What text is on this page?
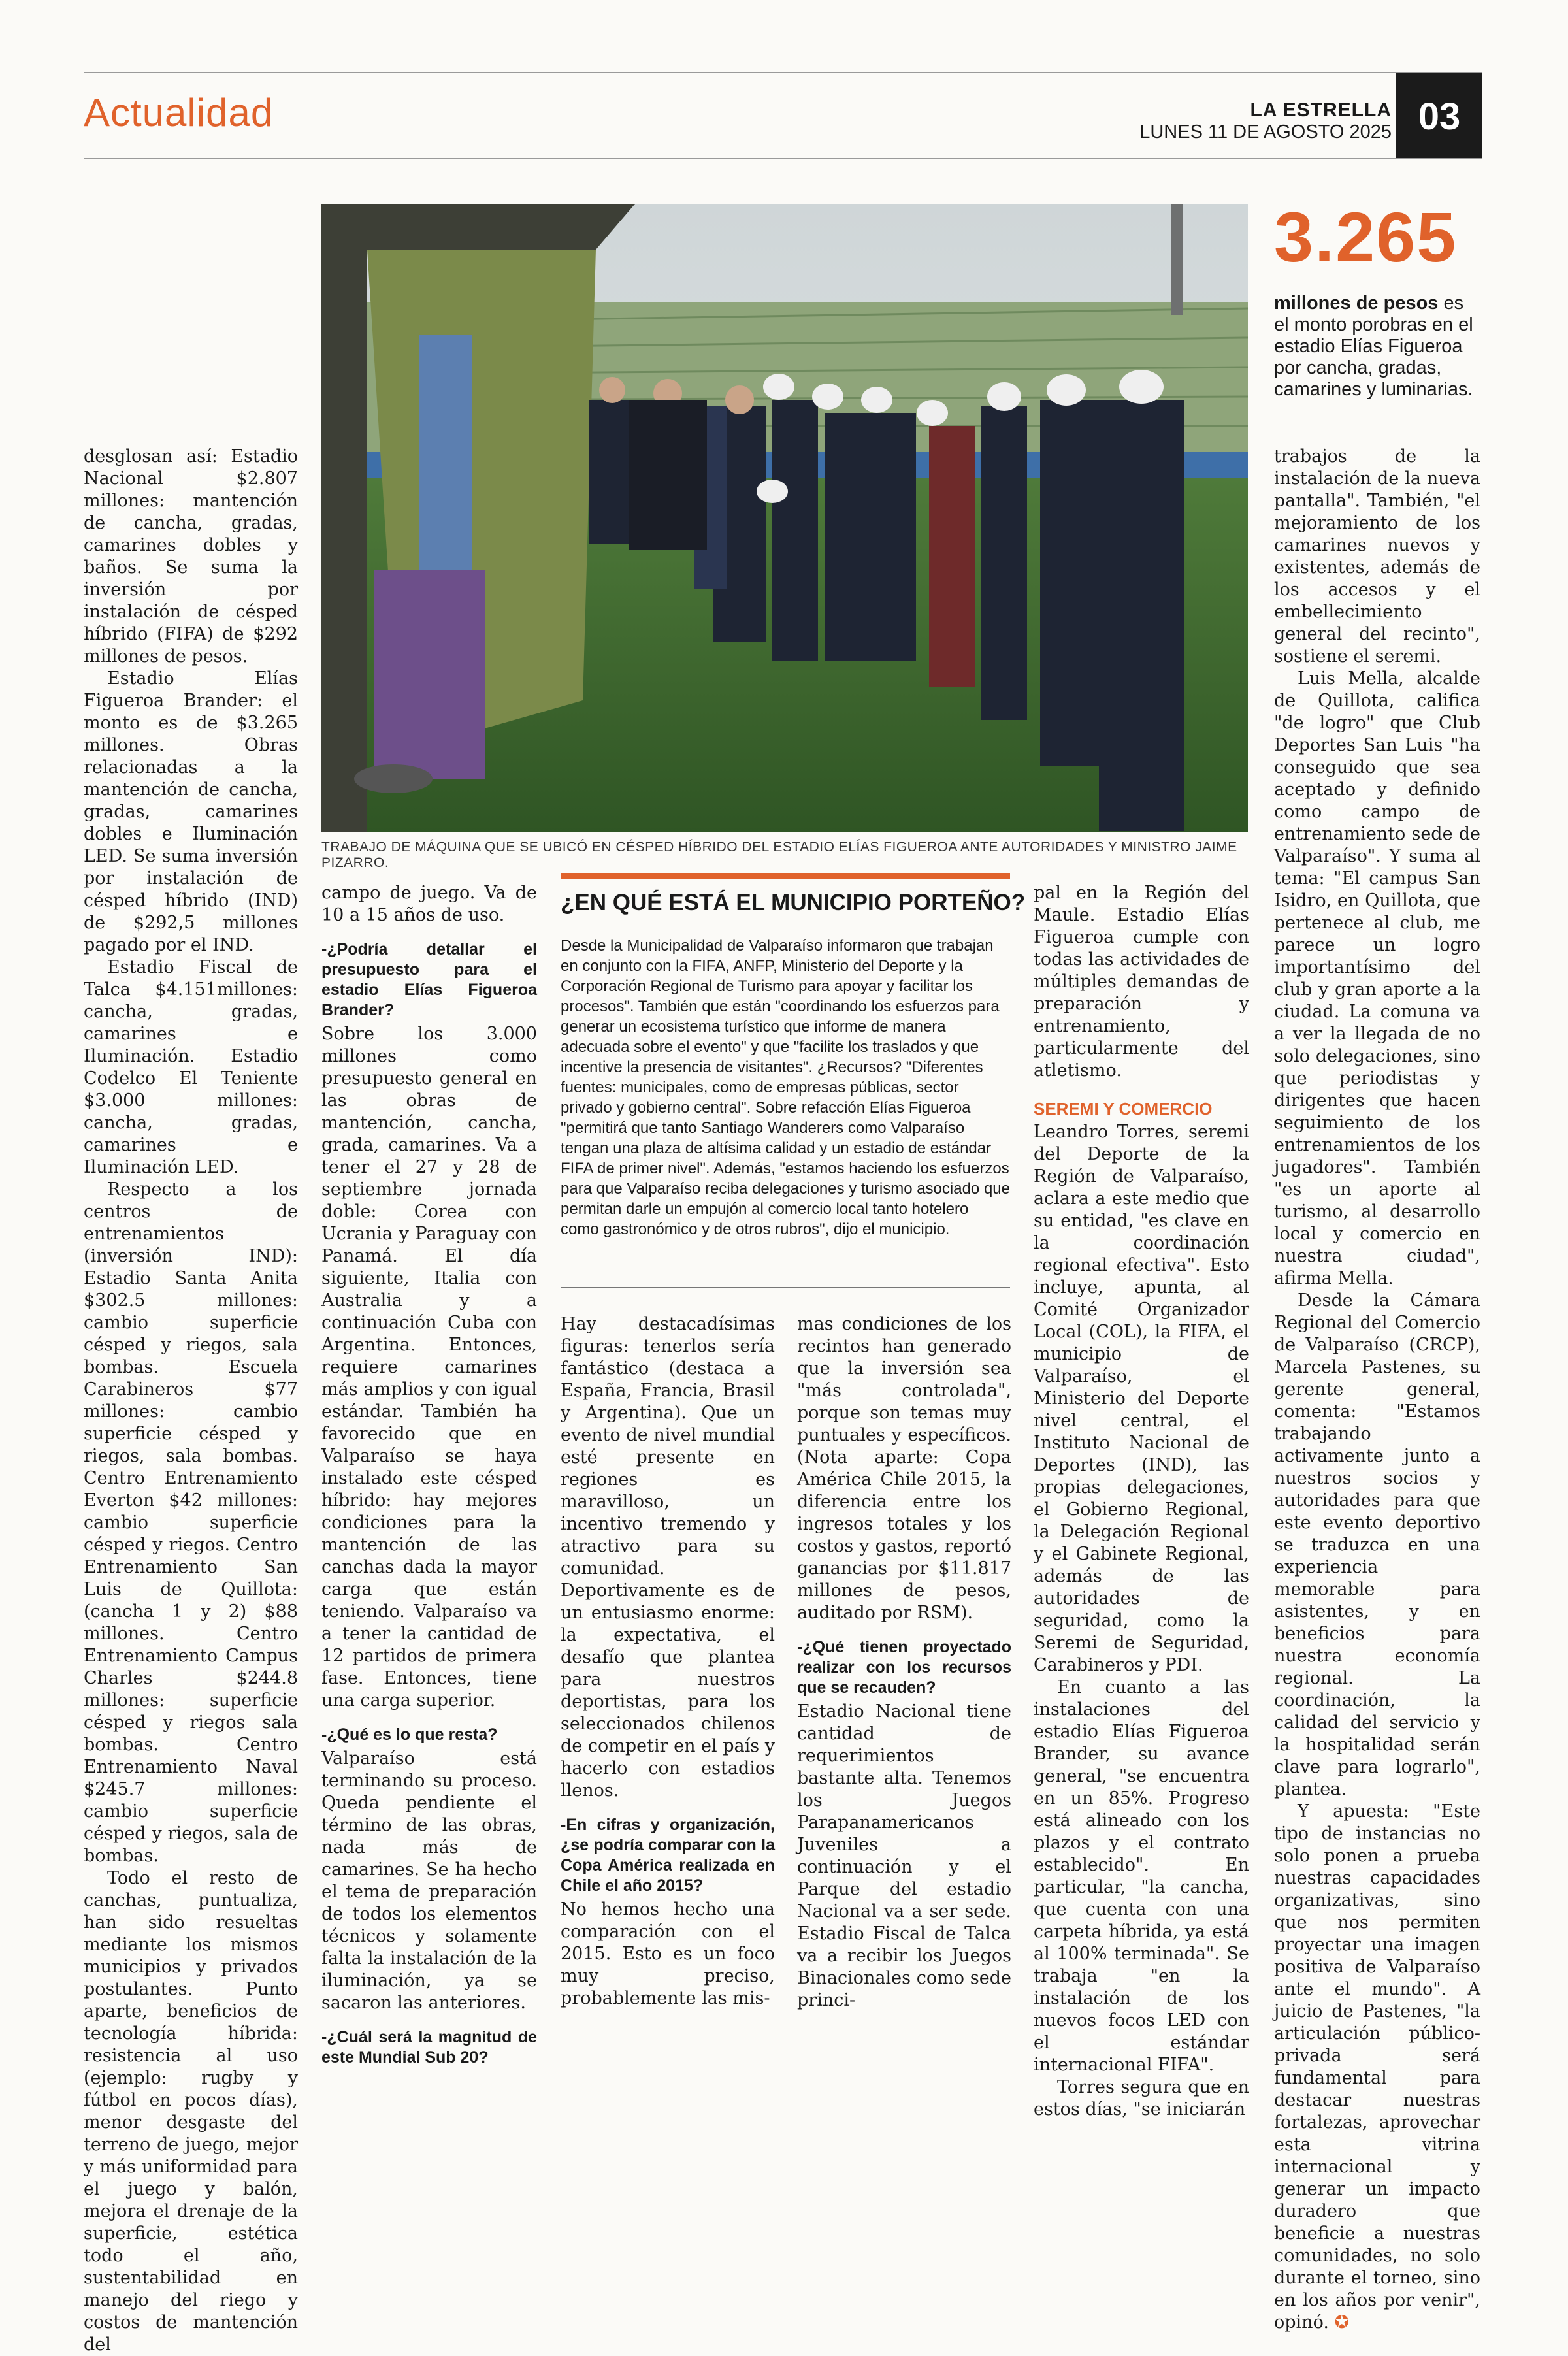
Actualidad	LA ESTRELLA
LUNES 11 DE AGOSTO 2025 03
3.265
millones de pesos es el monto porobras en el estadio Elías Figueroa por cancha, gradas, camarines y luminarias.
TRABAJO DE MÁQUINA QUE SE UBICÓ EN CÉSPED HÍBRIDO DEL ESTADIO ELÍAS FIGUEROA ANTE AUTORIDADES Y MINISTRO JAIME PIZARRO.

desglosan así: Estadio Nacional $2.807 millones: mantención de cancha, gradas, camarines dobles y baños. Se suma la inversión por instalación de césped híbrido (FIFA) de $292 millones de pesos.

Estadio Elías Figueroa Brander: el monto es de $3.265 millones. Obras relacionadas a la mantención de cancha, gradas, camarines dobles e Iluminación LED. Se suma inversión por instalación de césped híbrido (IND) de $292,5 millones pagado por el IND.

Estadio Fiscal de Talca $4.151millones: cancha, gradas, camarines e Iluminación. Estadio Codelco El Teniente $3.000 millones: cancha, gradas, camarines e Iluminación LED.

Respecto a los centros de entrenamientos (inversión IND): Estadio Santa Anita $302.5 millones: cambio superficie césped y riegos, sala bombas. Escuela Carabineros $77 millones: cambio superficie césped y riegos, sala bombas. Centro Entrenamiento Everton $42 millones: cambio superficie césped y riegos. Centro Entrenamiento San Luis de Quillota: (cancha 1 y 2) $88 millones. Centro Entrenamiento Campus Charles $244.8 millones: superficie césped y riegos sala bombas. Centro Entrenamiento Naval $245.7 millones: cambio superficie césped y riegos, sala de bombas.

Todo el resto de canchas, puntualiza, han sido resueltas mediante los mismos municipios y privados postulantes. Punto aparte, beneficios de tecnología híbrida: resistencia al uso (ejemplo: rugby y fútbol en pocos días), menor desgaste del terreno de juego, mejor y más uniformidad para el juego y balón, mejora el drenaje de la superficie, estética todo el año, sustentabilidad en manejo del riego y costos de mantención del

campo de juego. Va de 10 a 15 años de uso.

-¿Podría detallar el presupuesto para el estadio Elías Figueroa Brander?

Sobre los 3.000 millones como presupuesto general en las obras de mantención, cancha, grada, camarines. Va a tener el 27 y 28 de septiembre jornada doble: Corea con Ucrania y Paraguay con Panamá. El día siguiente, Italia con Australia y a continuación Cuba con Argentina. Entonces, requiere camarines más amplios y con igual estándar. También ha favorecido que en Valparaíso se haya instalado este césped híbrido: hay mejores condiciones para la mantención de las canchas dada la mayor carga que están teniendo. Valparaíso va a tener la cantidad de 12 partidos de primera fase. Entonces, tiene una carga superior.

-¿Qué es lo que resta?

Valparaíso está terminando su proceso. Queda pendiente el término de las obras, nada más de camarines. Se ha hecho el tema de preparación de todos los elementos técnicos y solamente falta la instalación de la iluminación, ya se sacaron las anteriores.

-¿Cuál será la magnitud de este Mundial Sub 20?
¿EN QUÉ ESTÁ EL MUNICIPIO PORTEÑO?
Desde la Municipalidad de Valparaíso informaron que trabajan en conjunto con la FIFA, ANFP, Ministerio del Deporte y la Corporación Regional de Turismo para apoyar y facilitar los procesos". También que están "coordinando los esfuerzos para generar un ecosistema turístico que informe de manera adecuada sobre el evento" y que "facilite los traslados y que incentive la presencia de visitantes". ¿Recursos? "Diferentes fuentes: municipales, como de empresas públicas, sector privado y gobierno central". Sobre refacción Elías Figueroa "permitirá que tanto Santiago Wanderers como Valparaíso tengan una plaza de altísima calidad y un estadio de estándar FIFA de primer nivel". Además, "estamos haciendo los esfuerzos para que Valparaíso reciba delegaciones y turismo asociado que permitan darle un empujón al comercio local tanto hotelero como gastronómico y de otros rubros", dijo el municipio.

Hay destacadísimas figuras: tenerlos sería fantástico (destaca a España, Francia, Brasil y Argentina). Que un evento de nivel mundial esté presente en regiones es maravilloso, un incentivo tremendo y atractivo para su comunidad. Deportivamente es de un entusiasmo enorme: la expectativa, el desafío que plantea para nuestros deportistas, para los seleccionados chilenos de competir en el país y hacerlo con estadios llenos.

-En cifras y organización, ¿se podría comparar con la Copa América realizada en Chile el año 2015?

No hemos hecho una comparación con el 2015. Esto es un foco muy preciso, probablemente las mis-

mas condiciones de los recintos han generado que la inversión sea "más controlada", porque son temas muy puntuales y específicos. (Nota aparte: Copa América Chile 2015, la diferencia entre los ingresos totales y los costos y gastos, reportó ganancias por $11.817 millones de pesos, auditado por RSM).

-¿Qué tienen proyectado realizar con los recursos que se recauden?

Estadio Nacional tiene cantidad de requerimientos bastante alta. Tenemos los Juegos Parapanamericanos Juveniles a continuación y el Parque del estadio Nacional va a ser sede. Estadio Fiscal de Talca va a recibir los Juegos Binacionales como sede princi-

pal en la Región del Maule. Estadio Elías Figueroa cumple con todas las actividades de múltiples demandas de preparación y entrenamiento, particularmente del atletismo.

SEREMI Y COMERCIO

Leandro Torres, seremi del Deporte de la Región de Valparaíso, aclara a este medio que su entidad, "es clave en la coordinación regional efectiva". Esto incluye, apunta, al Comité Organizador Local (COL), la FIFA, el municipio de Valparaíso, el Ministerio del Deporte nivel central, el Instituto Nacional de Deportes (IND), las propias delegaciones, el Gobierno Regional, la Delegación Regional y el Gabinete Regional, además de las autoridades de seguridad, como la Seremi de Seguridad, Carabineros y PDI.

En cuanto a las instalaciones del estadio Elías Figueroa Brander, su avance general, "se encuentra en un 85%. Progreso está alineado con los plazos y el contrato establecido". En particular, "la cancha, que cuenta con una carpeta híbrida, ya está al 100% terminada". Se trabaja "en la instalación de los nuevos focos LED con el estándar internacional FIFA".

Torres segura que en estos días, "se iniciarán

trabajos de la instalación de la nueva pantalla". También, "el mejoramiento de los camarines nuevos y existentes, además de los accesos y el embellecimiento general del recinto", sostiene el seremi.

Luis Mella, alcalde de Quillota, califica "de logro" que Club Deportes San Luis "ha conseguido que sea aceptado y definido como campo de entrenamiento sede de Valparaíso". Y suma al tema: "El campus San Isidro, en Quillota, que pertenece al club, me parece un logro importantísimo del club y gran aporte a la ciudad. La comuna va a ver la llegada de no solo delegaciones, sino que periodistas y dirigentes que hacen seguimiento de los entrenamientos de los jugadores". También "es un aporte al turismo, al desarrollo local y comercio en nuestra ciudad", afirma Mella.

Desde la Cámara Regional del Comercio de Valparaíso (CRCP), Marcela Pastenes, su gerente general, comenta: "Estamos trabajando activamente junto a nuestros socios y autoridades para que este evento deportivo se traduzca en una experiencia memorable para asistentes, y en beneficios para nuestra economía regional. La coordinación, la calidad del servicio y la hospitalidad serán clave para lograrlo", plantea.

Y apuesta: "Este tipo de instancias no solo ponen a prueba nuestras capacidades organizativas, sino que nos permiten proyectar una imagen positiva de Valparaíso ante el mundo". A juicio de Pastenes, "la articulación público-privada será fundamental para destacar nuestras fortalezas, aprovechar esta vitrina internacional y generar un impacto duradero que beneficie a nuestras comunidades, no solo durante el torneo, sino en los años por venir", opinó. ✪
